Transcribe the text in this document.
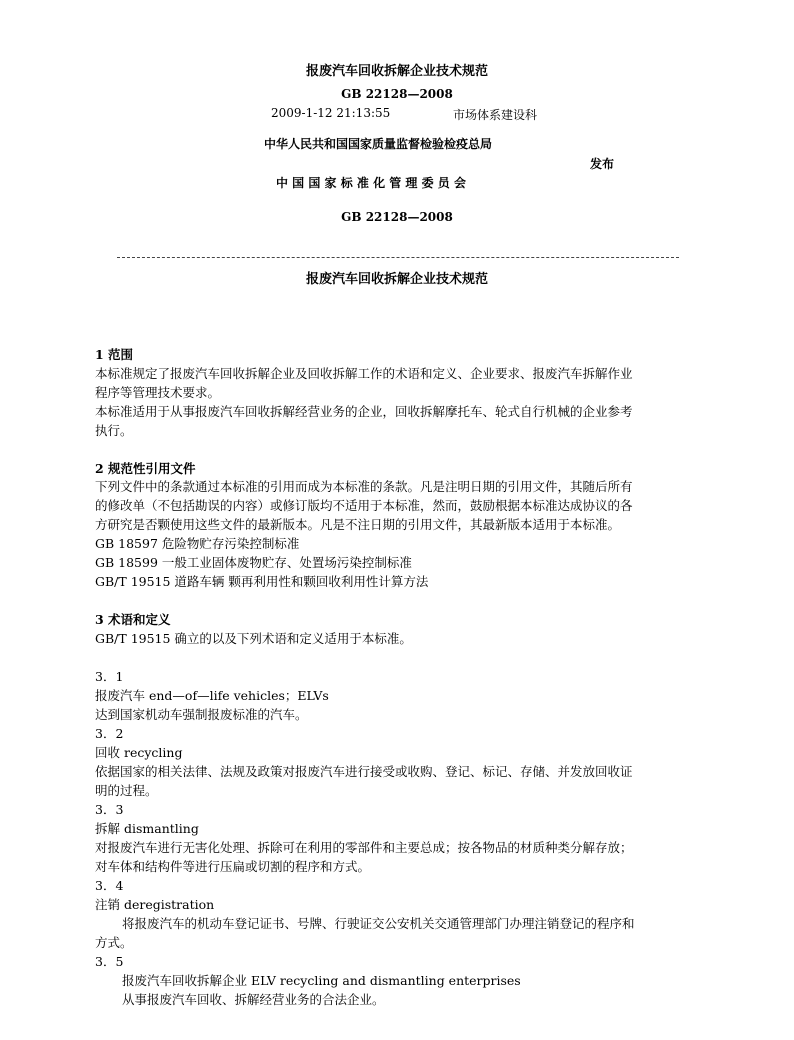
报废汽车回收拆解企业技术规范
GB 22128—2008
2009-1-12 21:13:55	市场体系建设科
中华人民共和国国家质量监督检验检疫总局
发布
中 国 国 家 标 准 化 管 理 委 员 会
GB 22128—2008
报废汽车回收拆解企业技术规范
1 范围
本标准规定了报废汽车回收拆解企业及回收拆解工作的术语和定义、企业要求、报废汽车拆解作业
程序等管理技术要求。
本标准适用于从事报废汽车回收拆解经营业务的企业，回收拆解摩托车、轮式自行机械的企业参考
执行。
2 规范性引用文件
下列文件中的条款通过本标准的引用而成为本标准的条款。凡是注明日期的引用文件，其随后所有
的修改单（不包括勘误的内容）或修订版均不适用于本标准，然而，鼓励根据本标准达成协议的各
方研究是否颗使用这些文件的最新版本。凡是不注日期的引用文件，其最新版本适用于本标准。
GB 18597 危险物贮存污染控制标准
GB 18599 一般工业固体废物贮存、处置场污染控制标准
GB/T 19515 道路车辆 颗再利用性和颗回收利用性计算方法
3 术语和定义
GB/T 19515 确立的以及下列术语和定义适用于本标准。
3．1
报废汽车 end—of—life vehicles；ELVs
达到国家机动车强制报废标准的汽车。
3．2
回收 recycling
依据国家的相关法律、法规及政策对报废汽车进行接受或收购、登记、标记、存储、并发放回收证
明的过程。
3．3
拆解 dismantling
对报废汽车进行无害化处理、拆除可在利用的零部件和主要总成；按各物品的材质种类分解存放；
对车体和结构件等进行压扁或切割的程序和方式。
3．4
注销 deregistration
将报废汽车的机动车登记证书、号牌、行驶证交公安机关交通管理部门办理注销登记的程序和
方式。
3．5
报废汽车回收拆解企业 ELV recycling and dismantling enterprises
从事报废汽车回收、拆解经营业务的合法企业。
